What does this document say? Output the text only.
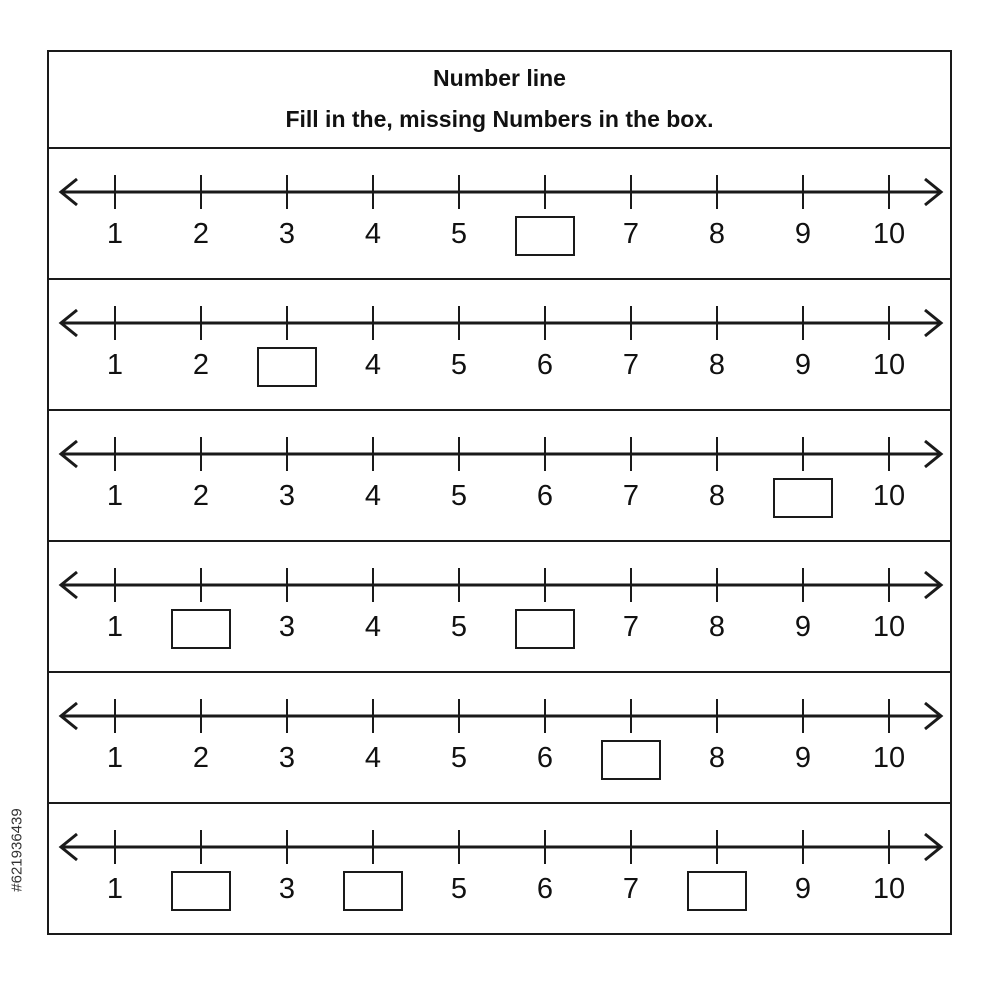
Number line
Fill in the, missing Numbers in the box.
1 2 3 4 5	7 8 9 10
1 2	4 5 6 7 8 9 10
1 2 3 4 5 6 7 8	10
1	3 4 5	7 8 9 10
1 2 3 4 5 6	8 9 10
1	3	5 6 7	9 10
#621936439
